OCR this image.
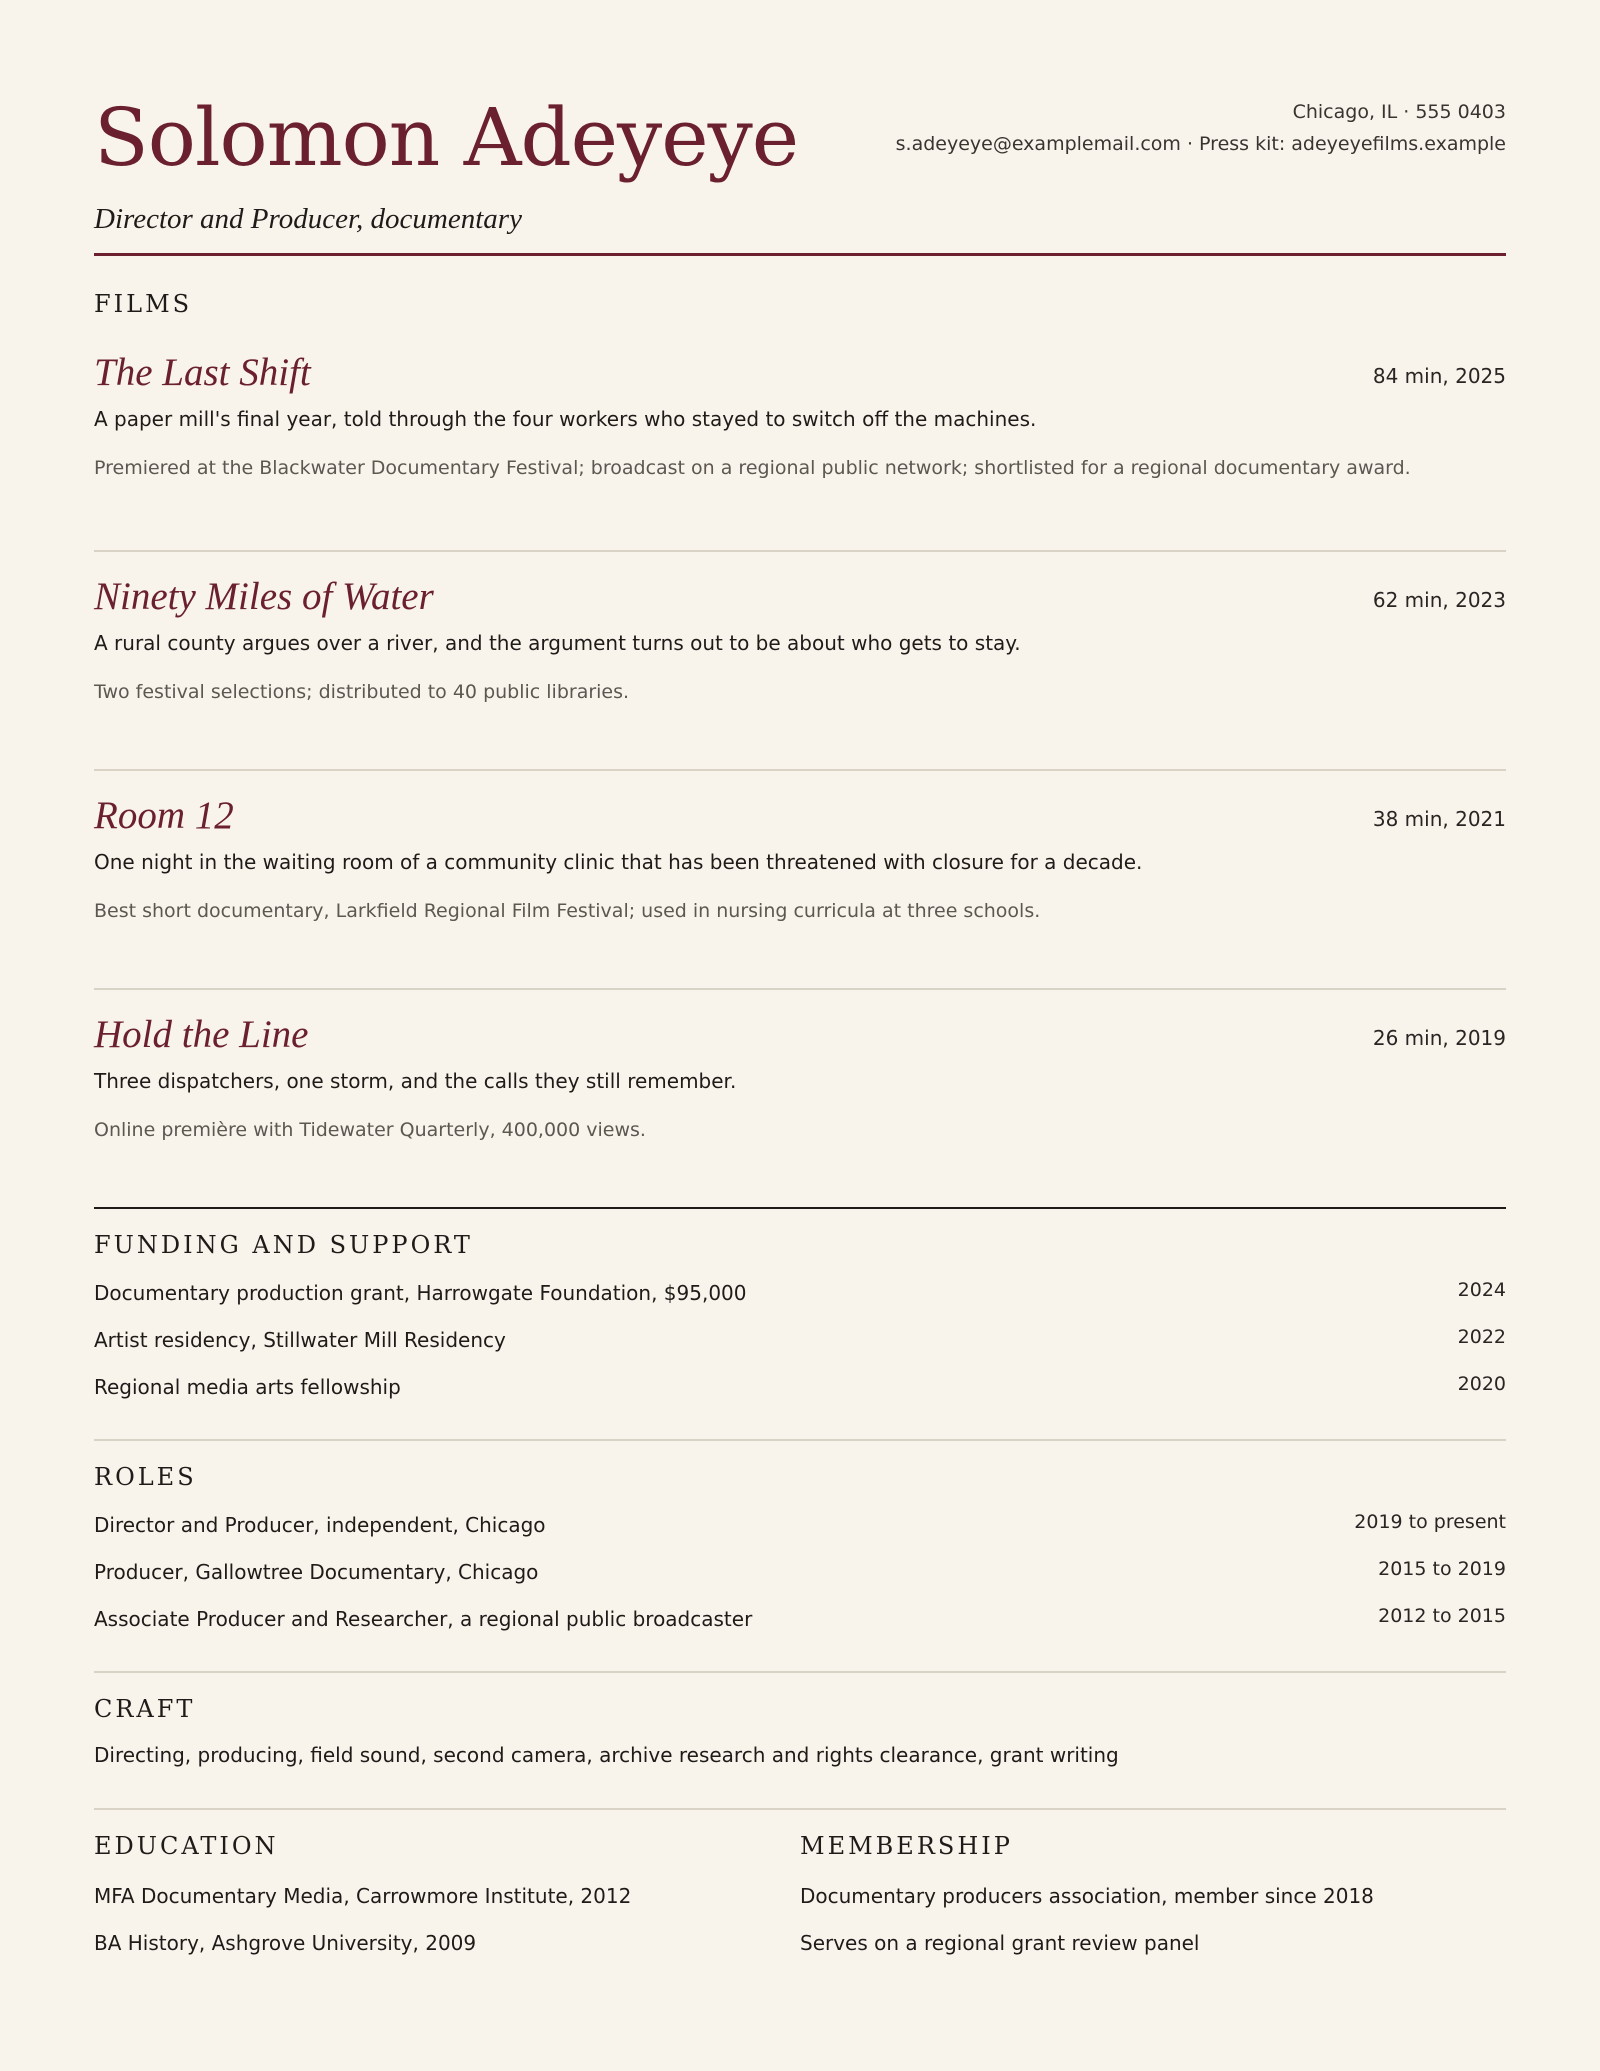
Solomon Adeyeye
Director and Producer, documentary
Chicago, IL · 555 0403
s.adeyeye@examplemail.com · Press kit: adeyeyefilms.example
FILMS
The Last Shift	84 min, 2025
A paper mill's final year, told through the four workers who stayed to switch off the machines.
Premiered at the Blackwater Documentary Festival; broadcast on a regional public network; shortlisted for a regional documentary award.
Ninety Miles of Water	62 min, 2023
A rural county argues over a river, and the argument turns out to be about who gets to stay.
Two festival selections; distributed to 40 public libraries.
Room 12	38 min, 2021
One night in the waiting room of a community clinic that has been threatened with closure for a decade.
Best short documentary, Larkfield Regional Film Festival; used in nursing curricula at three schools.
Hold the Line	26 min, 2019
Three dispatchers, one storm, and the calls they still remember.
Online première with Tidewater Quarterly, 400,000 views.
FUNDING AND SUPPORT
Documentary production grant, Harrowgate Foundation, $95,000	2024
Artist residency, Stillwater Mill Residency	2022
Regional media arts fellowship	2020
ROLES
Director and Producer, independent, Chicago	2019 to present
Producer, Gallowtree Documentary, Chicago	2015 to 2019
Associate Producer and Researcher, a regional public broadcaster	2012 to 2015
CRAFT
Directing, producing, field sound, second camera, archive research and rights clearance, grant writing
EDUCATION
MFA Documentary Media, Carrowmore Institute, 2012
BA History, Ashgrove University, 2009
MEMBERSHIP
Documentary producers association, member since 2018
Serves on a regional grant review panel
